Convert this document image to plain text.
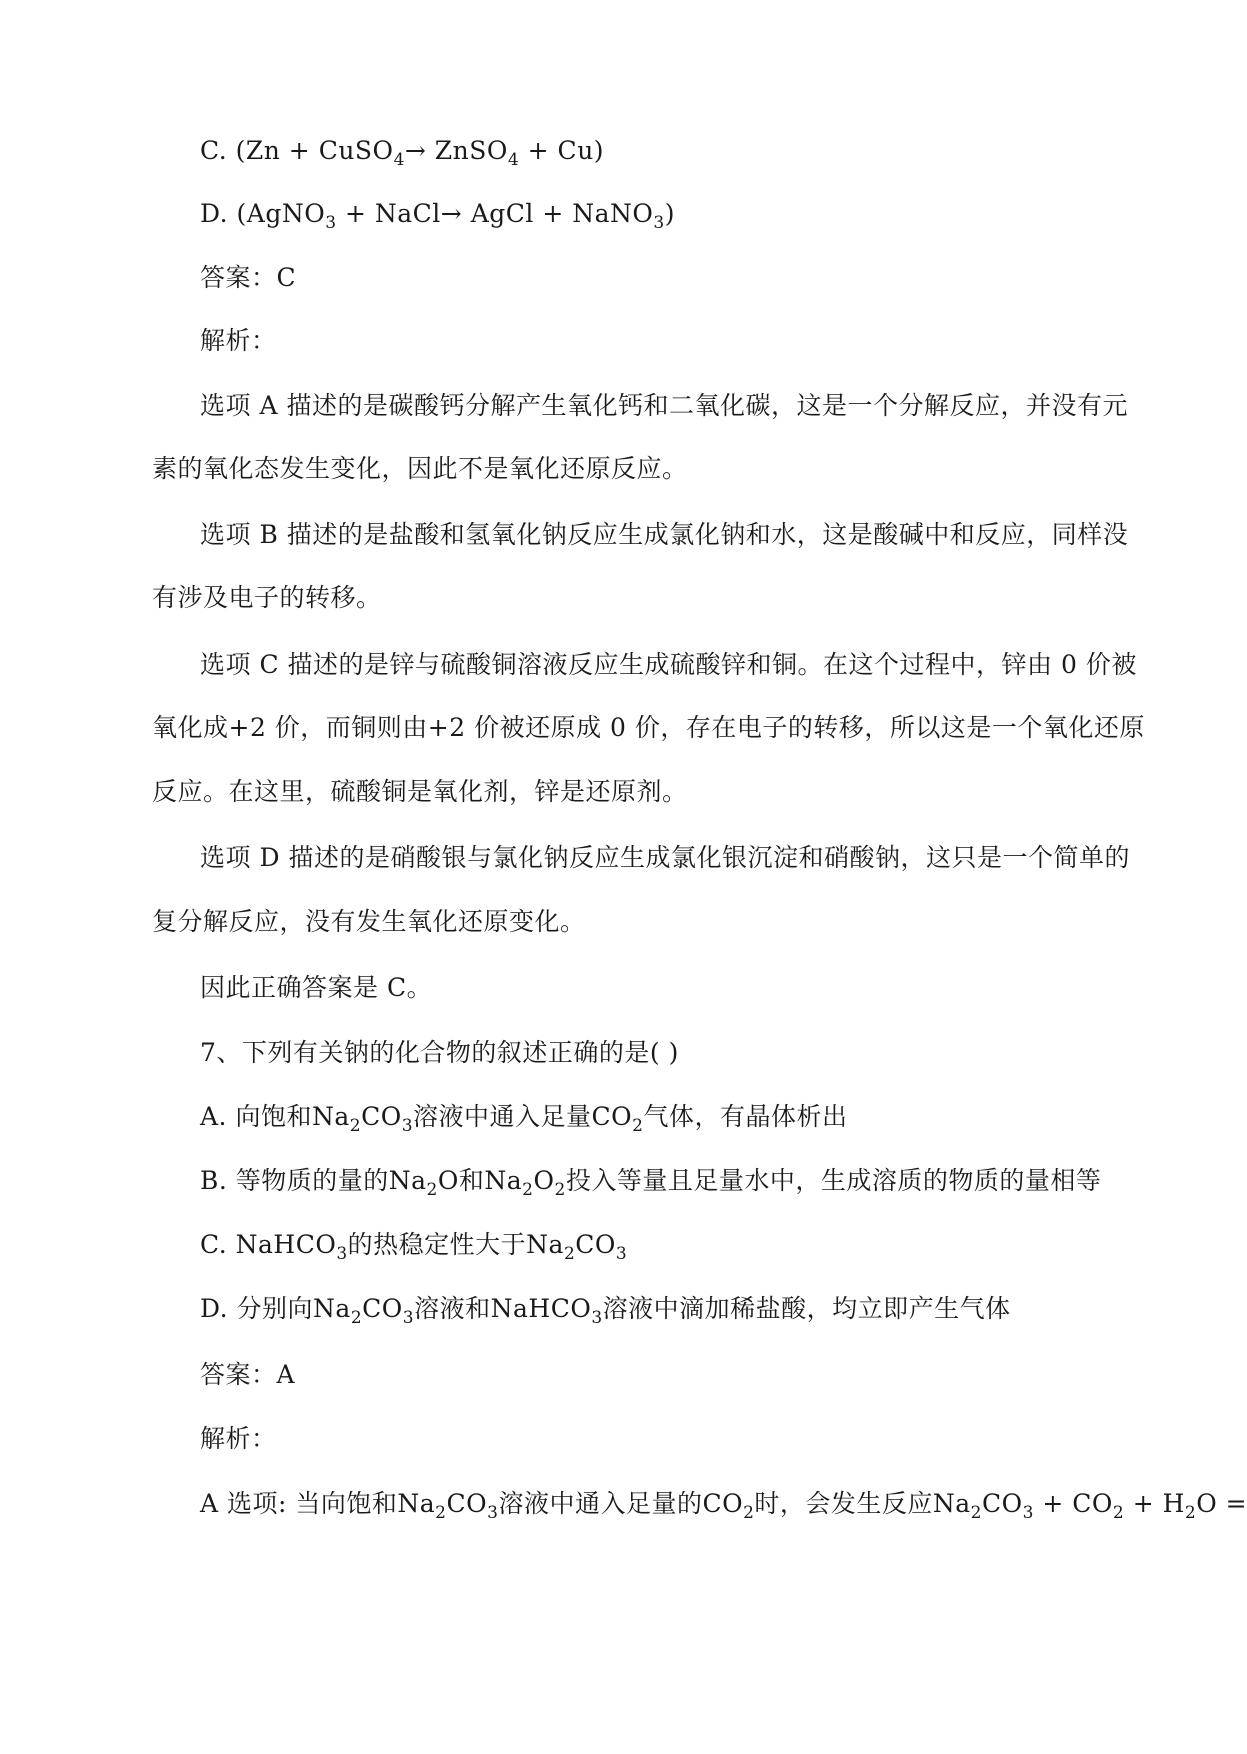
C. (Zn + CuSO$_4$→ ZnSO$_4$ + Cu)
D. (AgNO$_3$ + NaCl→ AgCl + NaNO$_3$)
答案：C
解析：
选项 A 描述的是碳酸钙分解产生氧化钙和二氧化碳，这是一个分解反应，并没有元
素的氧化态发生变化，因此不是氧化还原反应。
选项 B 描述的是盐酸和氢氧化钠反应生成氯化钠和水，这是酸碱中和反应，同样没
有涉及电子的转移。
选项 C 描述的是锌与硫酸铜溶液反应生成硫酸锌和铜。在这个过程中，锌由 0 价被
氧化成+2 价，而铜则由+2 价被还原成 0 价，存在电子的转移，所以这是一个氧化还原
反应。在这里，硫酸铜是氧化剂，锌是还原剂。
选项 D 描述的是硝酸银与氯化钠反应生成氯化银沉淀和硝酸钠，这只是一个简单的
复分解反应，没有发生氧化还原变化。
因此正确答案是 C。
7、下列有关钠的化合物的叙述正确的是( )
A. 向饱和$Na_2CO_3$溶液中通入足量$CO_2$气体，有晶体析出
B. 等物质的量的$Na_2O$和$Na_2O_2$投入等量且足量水中，生成溶质的物质的量相等
C. NaHCO$_3$的热稳定性大于$Na_2CO_3$
D. 分别向$Na_2CO_3$溶液和NaHCO$_3$溶液中滴加稀盐酸，均立即产生气体
答案：A
解析：
A 选项: 当向饱和$Na_2CO_3$溶液中通入足量的$CO_2$时，会发生反应$Na_2CO_3 + CO_2 + H_2O$ =
